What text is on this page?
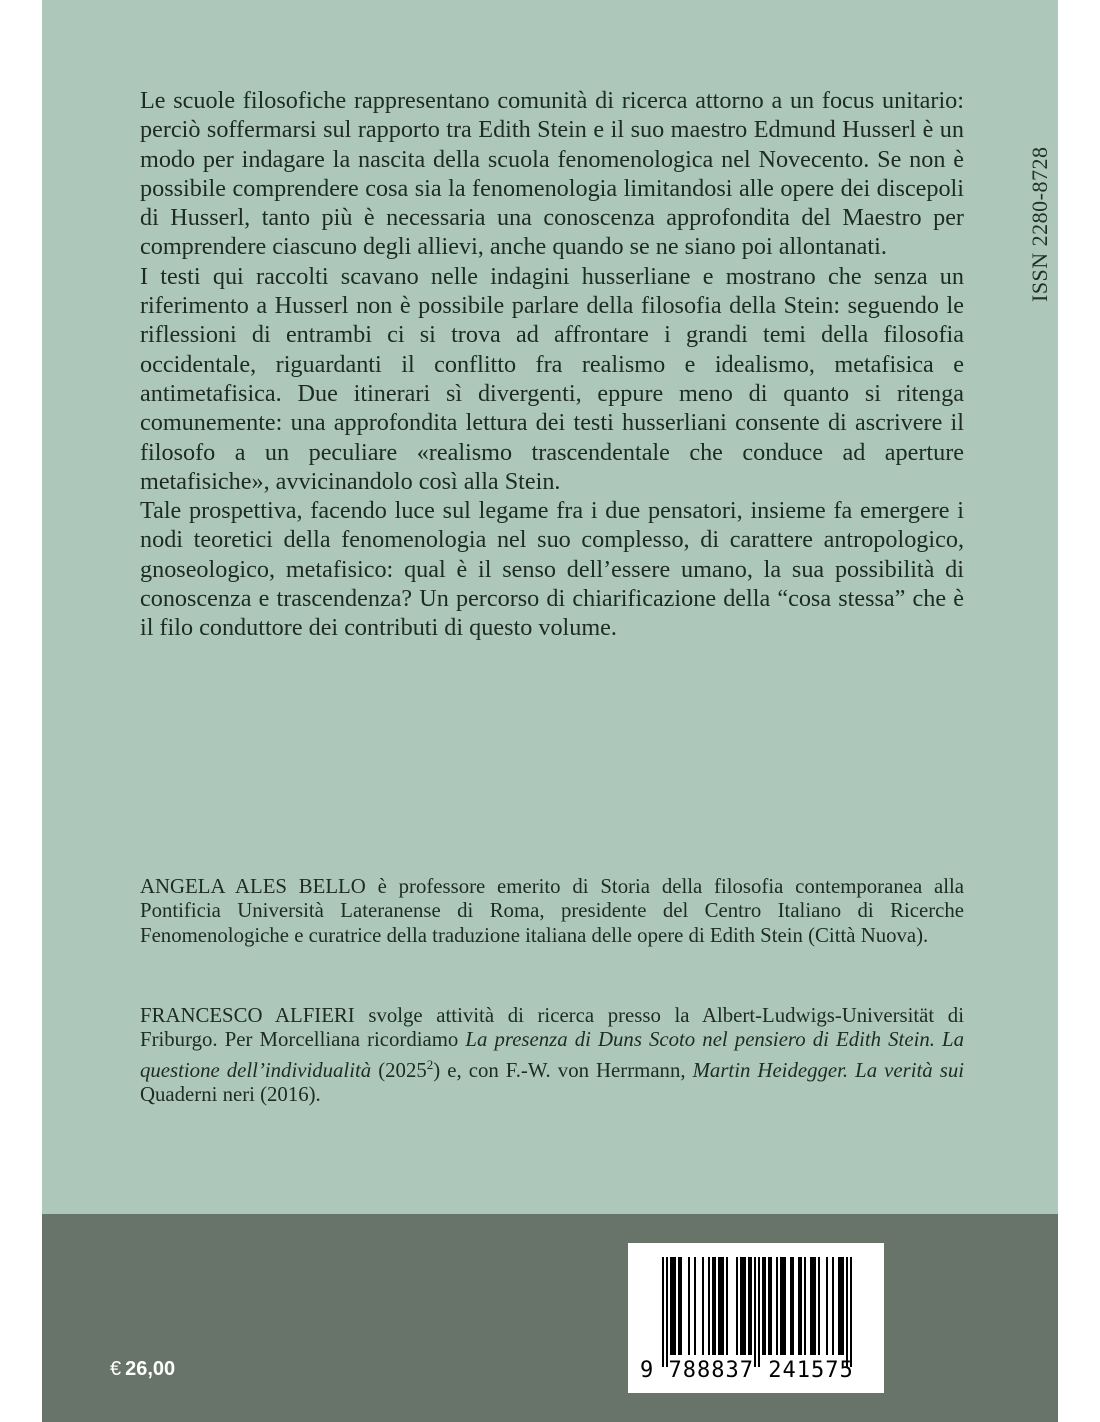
ISSN 2280-8728

Le scuole filosofiche rappresentano comunità di ricerca attorno a un focus unitario: perciò soffermarsi sul rapporto tra Edith Stein e il suo maestro Edmund Husserl è un modo per indagare la nascita della scuola fenomenologica nel Novecento. Se non è possibile comprendere cosa sia la fenomenologia limitandosi alle opere dei discepoli di Husserl, tanto più è necessaria una conoscenza approfondita del Maestro per comprendere ciascuno degli allievi, anche quando se ne siano poi allontanati.

I testi qui raccolti scavano nelle indagini husserliane e mostrano che senza un riferimento a Husserl non è possibile parlare della filosofia della Stein: seguendo le riflessioni di entrambi ci si trova ad affrontare i grandi temi della filosofia occidentale, riguardanti il conflitto fra realismo e idealismo, metafisica e antimetafisica. Due itinerari sì divergenti, eppure meno di quanto si ritenga comunemente: una approfondita lettura dei testi husserliani consente di ascrivere il filosofo a un peculiare «realismo trascendentale che conduce ad aperture metafisiche», avvicinandolo così alla Stein.

Tale prospettiva, facendo luce sul legame fra i due pensatori, insieme fa emergere i nodi teoretici della fenomenologia nel suo complesso, di carattere antropologico, gnoseologico, metafisico: qual è il senso dell’essere umano, la sua possibilità di conoscenza e trascendenza? Un percorso di chiarificazione della “cosa stessa” che è il filo conduttore dei contributi di questo volume.

ANGELA ALES BELLO è professore emerito di Storia della filosofia contemporanea alla Pontificia Università Lateranense di Roma, presidente del Centro Italiano di Ricerche Fenomenologiche e curatrice della traduzione italiana delle opere di Edith Stein (Città Nuova).

FRANCESCO ALFIERI svolge attività di ricerca presso la Albert-Ludwigs-Universität di Friburgo. Per Morcelliana ricordiamo La presenza di Duns Scoto nel pensiero di Edith Stein. La questione dell’individualità (2025$^2$) e, con F.-W. von Herrmann, Martin Heidegger. La verità sui Quaderni neri (2016).

€ 26,00	9 788837 241575
